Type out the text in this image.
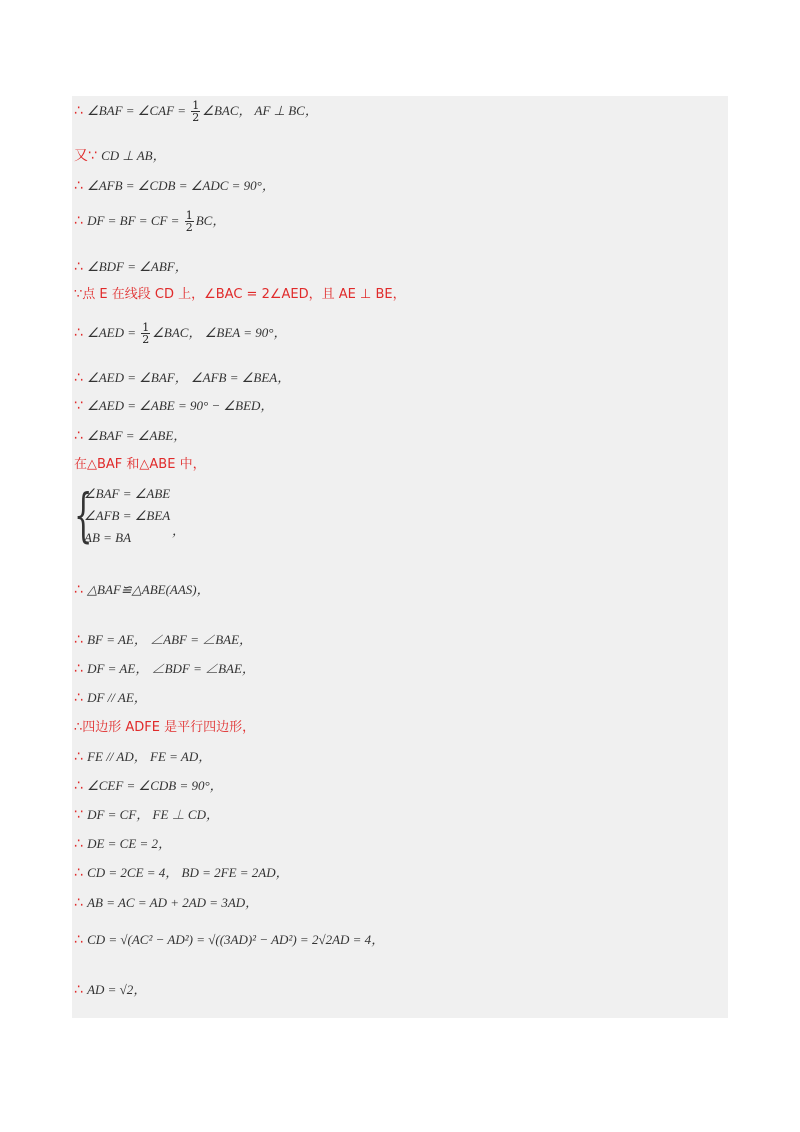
∴ ∠BAF = ∠CAF = $\frac{1}{2}$ ∠BAC， AF ⊥ BC，
又∵ CD ⊥ AB，
∴ ∠AFB = ∠CDB = ∠ADC = 90°，
∴ DF = BF = CF = $\frac{1}{2}$ BC，
∴ ∠BDF = ∠ABF，
∵点 E 在线段 CD 上，∠BAC = 2∠AED，且 AE ⊥ BE，
∴ ∠AED = $\frac{1}{2}$ ∠BAC， ∠BEA = 90°，
∴ ∠AED = ∠BAF， ∠AFB = ∠BEA，
∵ ∠AED = ∠ABE = 90° − ∠BED，
∴ ∠BAF = ∠ABE，
在△BAF 和△ABE 中，
{
∠BAF = ∠ABE
∠AFB = ∠BEA
AB = BA	，
∴ △BAF≌△ABE(AAS)，
∴ BF = AE， ∠ABF = ∠BAE，
∴ DF = AE， ∠BDF = ∠BAE，
∴ DF // AE，
∴四边形 ADFE 是平行四边形，
∴ FE // AD， FE = AD，
∴ ∠CEF = ∠CDB = 90°，
∵ DF = CF， FE ⊥ CD，
∴ DE = CE = 2，
∴ CD = 2CE = 4， BD = 2FE = 2AD，
∴ AB = AC = AD + 2AD = 3AD，
∴ CD = √(AC² − AD²) = √((3AD)² − AD²) = 2√2AD = 4，
∴ AD = √2，
